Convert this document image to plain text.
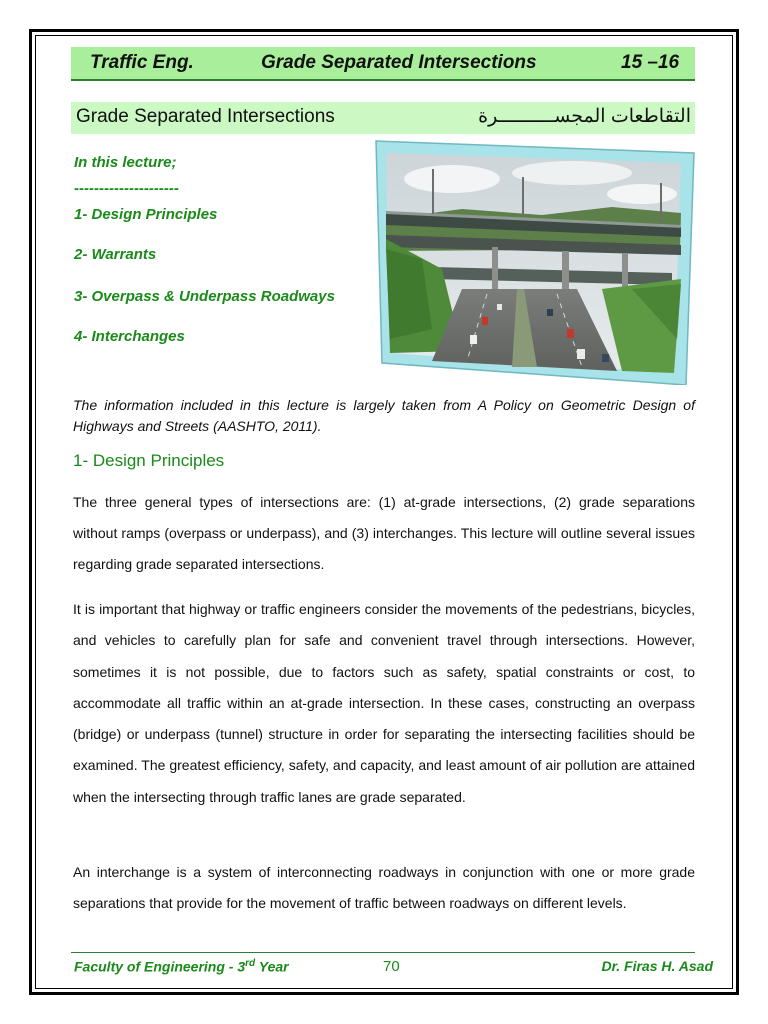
Traffic Eng.	Grade Separated Intersections	15 –16
Grade Separated Intersections	التقاطعات المجســــــــــرة
In this lecture;
---------------------
1- Design Principles
2- Warrants
3- Overpass & Underpass Roadways
4- Interchanges
The information included in this lecture is largely taken from A Policy on Geometric Design of Highways and Streets (AASHTO, 2011).
1- Design Principles
The three general types of intersections are: (1) at-grade intersections, (2) grade separations without ramps (overpass or underpass), and (3) interchanges. This lecture will outline several issues regarding grade separated intersections.
It is important that highway or traffic engineers consider the movements of the pedestrians, bicycles, and vehicles to carefully plan for safe and convenient travel through intersections. However, sometimes it is not possible, due to factors such as safety, spatial constraints or cost, to accommodate all traffic within an at-grade intersection. In these cases, constructing an overpass (bridge) or underpass (tunnel) structure in order for separating the intersecting facilities should be examined. The greatest efficiency, safety, and capacity, and least amount of air pollution are attained when the intersecting through traffic lanes are grade separated.
An interchange is a system of interconnecting roadways in conjunction with one or more grade separations that provide for the movement of traffic between roadways on different levels.
Faculty of Engineering - 3rd Year	70	Dr. Firas H. Asad
